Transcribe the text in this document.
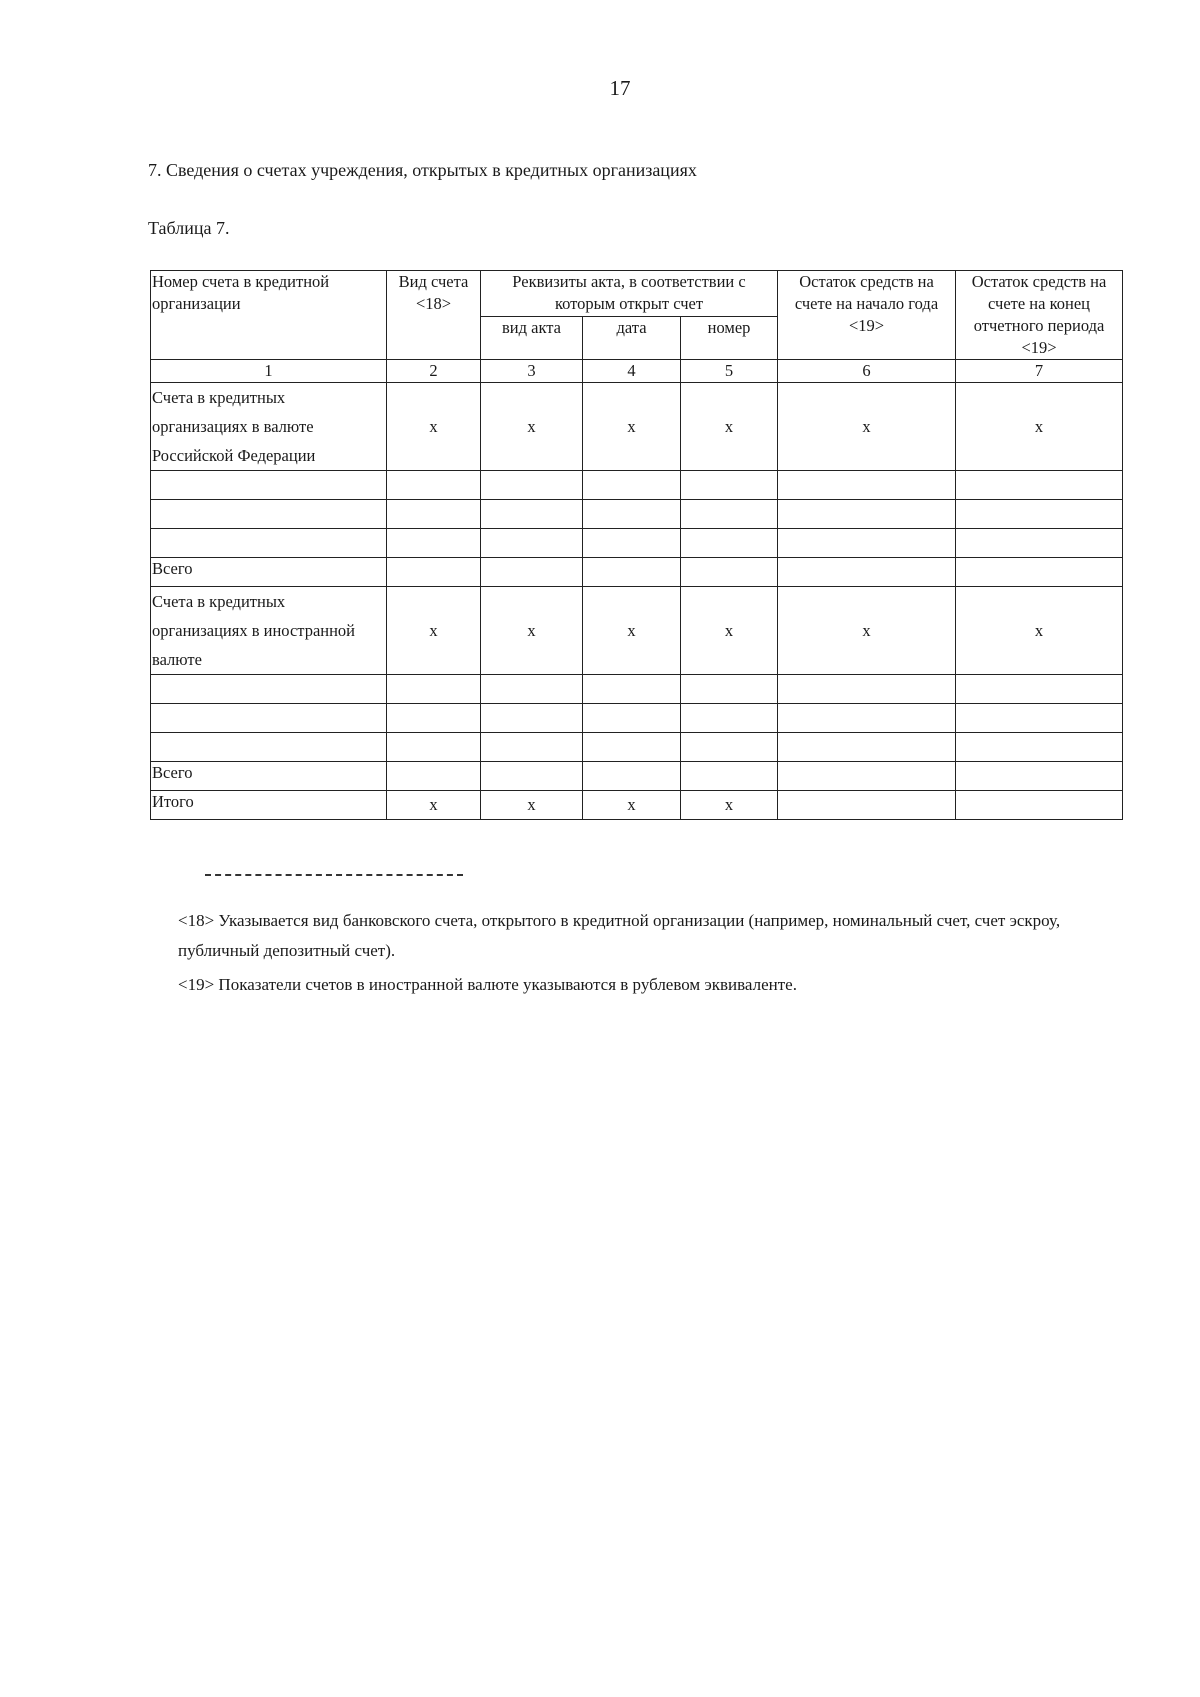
17
7. Сведения о счетах учреждения, открытых в кредитных организациях
Таблица 7.
Номер счета в кредитной организации	Вид счета <18>	Реквизиты акта, в соответствии с которым открыт счет			Остаток средств на счете на начало года <19>	Остаток средств на счете на конец отчетного периода <19>
		вид акта	дата	номер		
1	2	3	4	5	6	7
Счета в кредитных организациях в валюте Российской Федерации	x	x	x	x	x	x

Всего						
Счета в кредитных организациях в иностранной валюте	x	x	x	x	x	x

Всего						
Итого	x	x	x	x		
<18> Указывается вид банковского счета, открытого в кредитной организации (например, номинальный счет, счет эскроу, публичный депозитный счет).
<19> Показатели счетов в иностранной валюте указываются в рублевом эквиваленте.
